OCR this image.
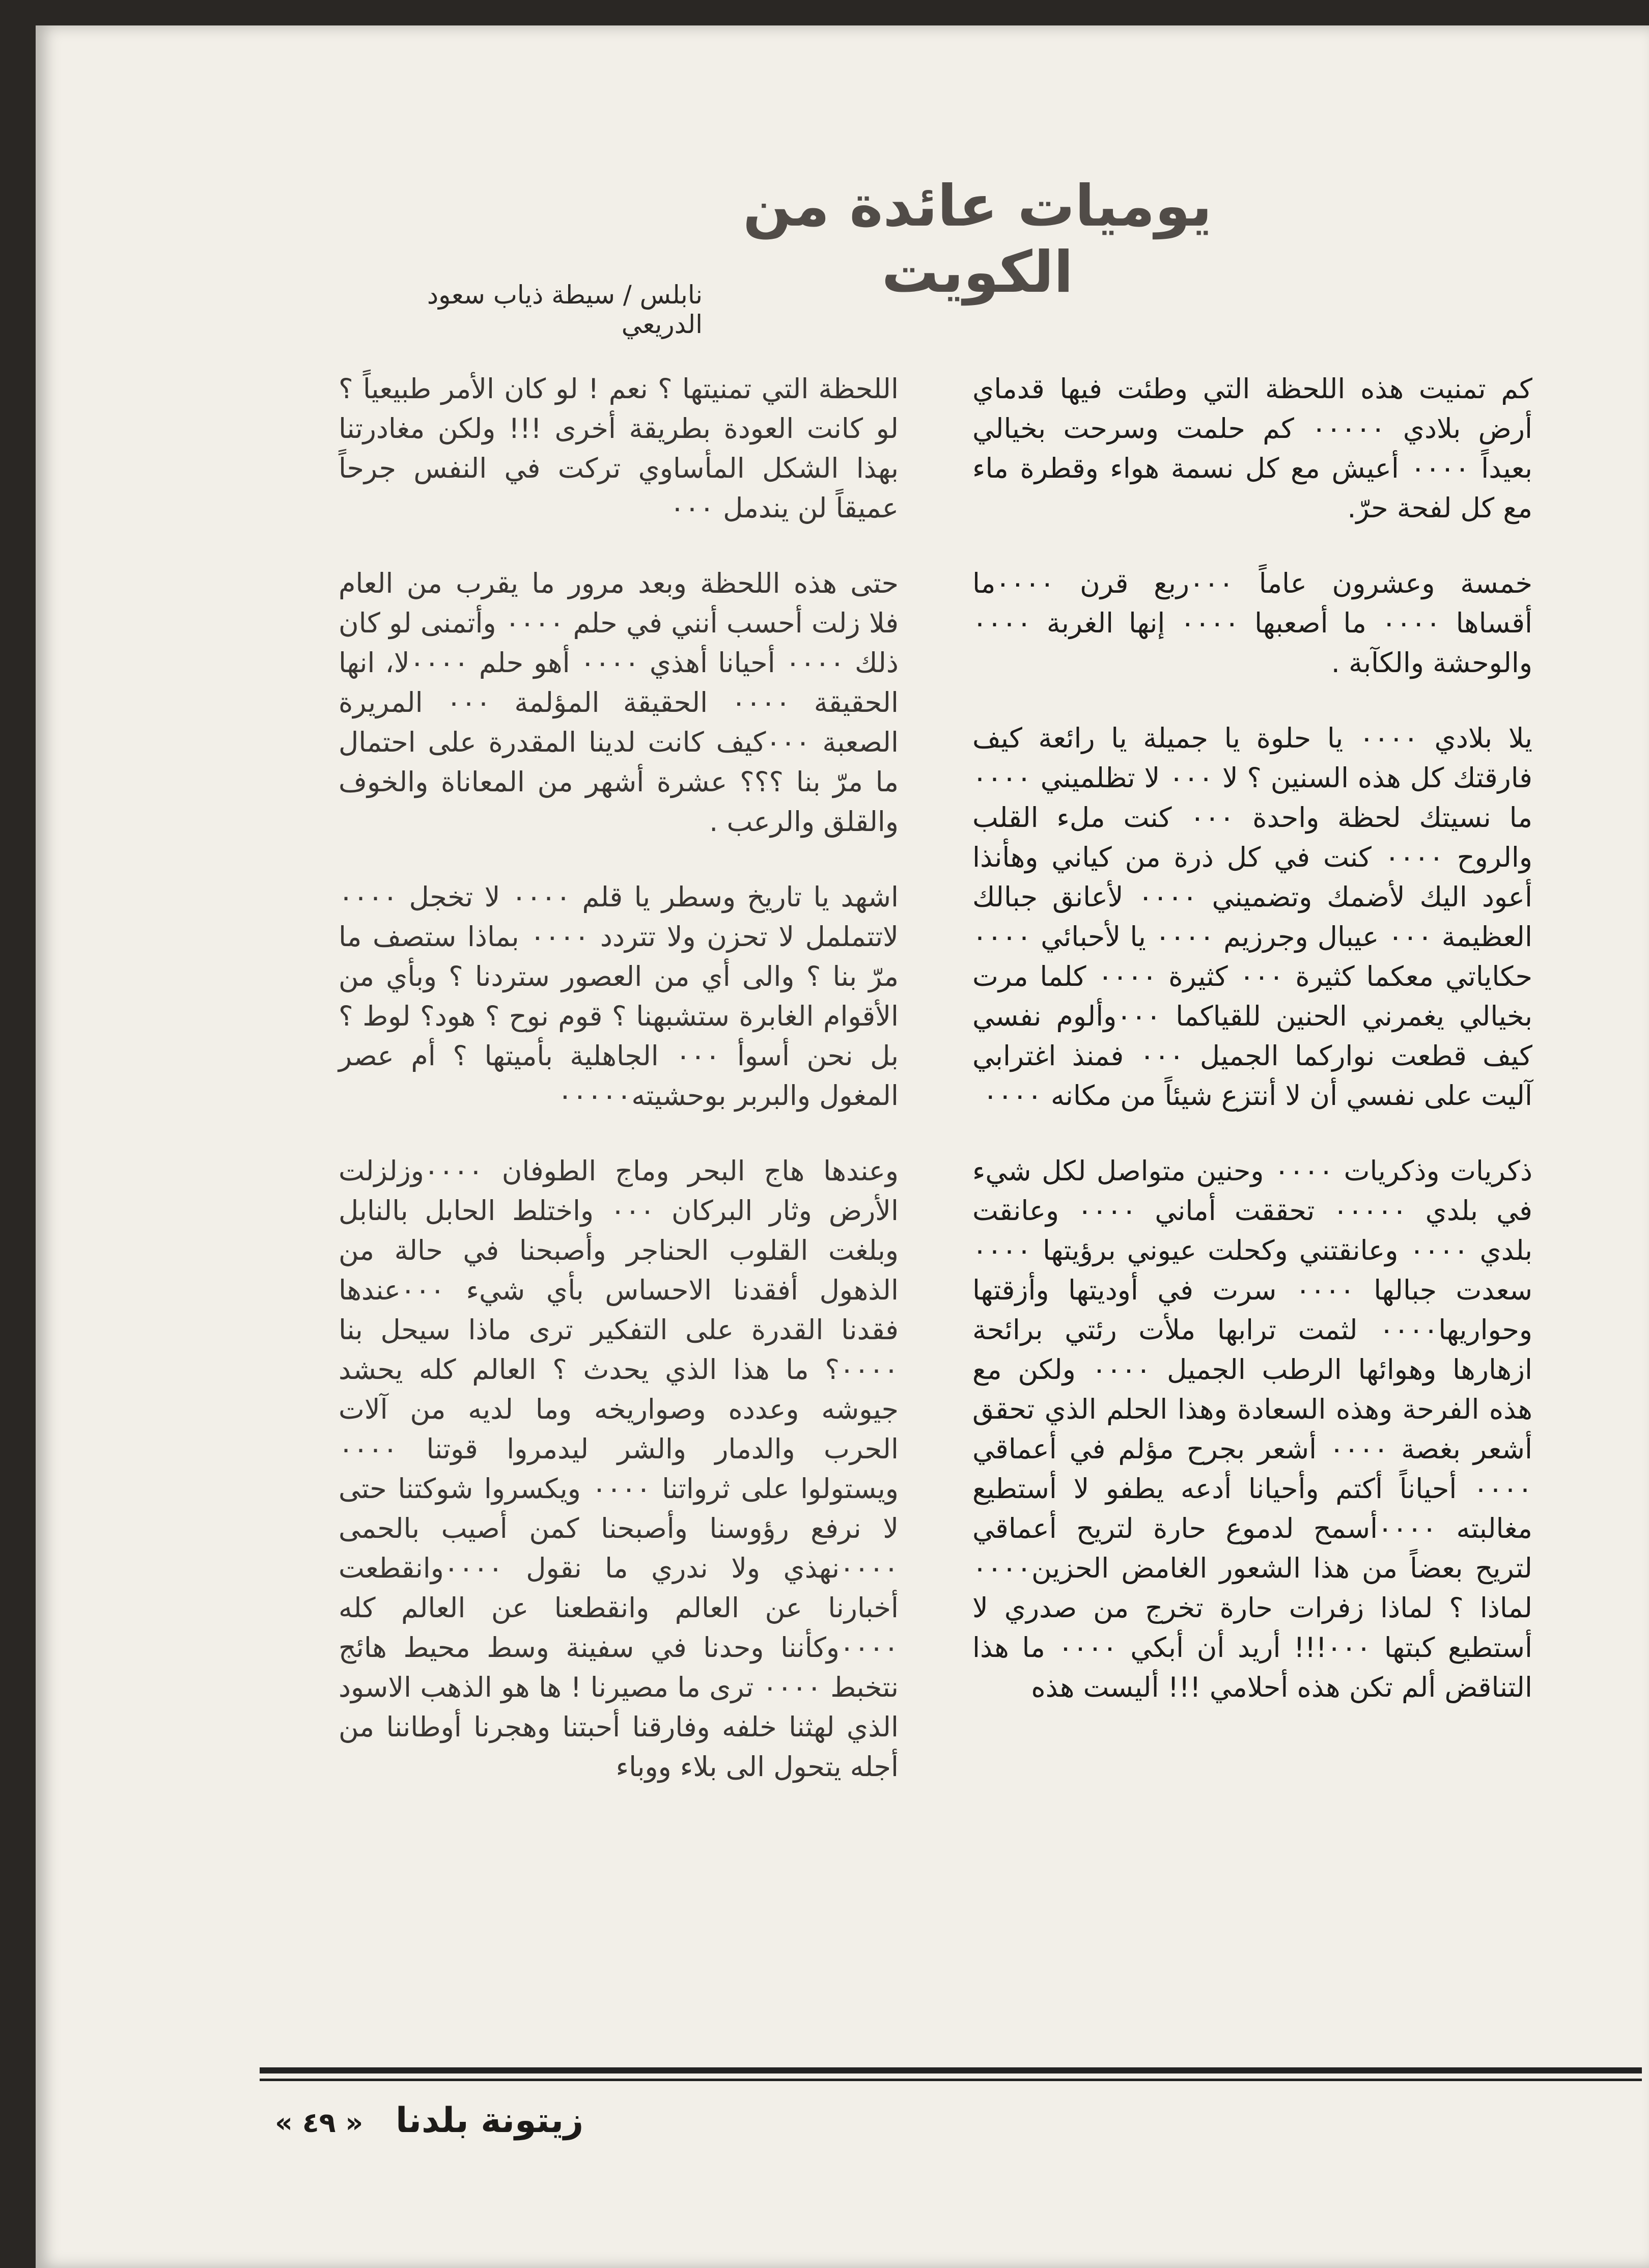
يوميات عائدة من الكويت
نابلس / سيطة ذياب سعود الدريعي

كم تمنيت هذه اللحظة التي وطئت فيها قدماي أرض بلادي ٠٠٠٠٠ كم حلمت وسرحت بخيالي بعيداً ٠٠٠٠ أعيش مع كل نسمة هواء وقطرة ماء مع كل لفحة حرّ.

خمسة وعشرون عاماً ٠٠٠ربع قرن ٠٠٠٠ما أقساها ٠٠٠٠ ما أصعبها ٠٠٠٠ إنها الغربة ٠٠٠٠ والوحشة والكآبة .

يلا بلادي ٠٠٠٠ يا حلوة يا جميلة يا رائعة كيف فارقتك كل هذه السنين ؟ لا ٠٠٠ لا تظلميني ٠٠٠٠ ما نسيتك لحظة واحدة ٠٠٠ كنت ملء القلب والروح ٠٠٠٠ كنت في كل ذرة من كياني وهأنذا أعود اليك لأضمك وتضميني ٠٠٠٠ لأعانق جبالك العظيمة ٠٠٠ عيبال وجرزيم ٠٠٠٠ يا لأحبائي ٠٠٠٠ حكاياتي معكما كثيرة ٠٠٠ كثيرة ٠٠٠٠ كلما مرت بخيالي يغمرني الحنين للقياكما ٠٠٠وألوم نفسي كيف قطعت نواركما الجميل ٠٠٠ فمنذ اغترابي آليت على نفسي أن لا أنتزع شيئاً من مكانه ٠٠٠٠

ذكريات وذكريات ٠٠٠٠ وحنين متواصل لكل شيء في بلدي ٠٠٠٠٠ تحققت أماني ٠٠٠٠ وعانقت بلدي ٠٠٠٠ وعانقتني وكحلت عيوني برؤيتها ٠٠٠٠ سعدت جبالها ٠٠٠٠ سرت في أوديتها وأزقتها وحواريها٠٠٠٠ لثمت ترابها ملأت رئتي برائحة ازهارها وهوائها الرطب الجميل ٠٠٠٠ ولكن مع هذه الفرحة وهذه السعادة وهذا الحلم الذي تحقق أشعر بغصة ٠٠٠٠ أشعر بجرح مؤلم في أعماقي ٠٠٠٠ أحياناً أكتم وأحيانا أدعه يطفو لا أستطيع مغالبته ٠٠٠٠أسمح لدموع حارة لتريح أعماقي لتريح بعضاً من هذا الشعور الغامض الحزين٠٠٠٠ لماذا ؟ لماذا زفرات حارة تخرج من صدري لا أستطيع كبتها ٠٠٠!!! أريد أن أبكي ٠٠٠٠ ما هذا التناقض ألم تكن هذه أحلامي !!! أليست هذه

اللحظة التي تمنيتها ؟ نعم ! لو كان الأمر طبيعياً ؟ لو كانت العودة بطريقة أخرى !!! ولكن مغادرتنا بهذا الشكل المأساوي تركت في النفس جرحاً عميقاً لن يندمل ٠٠٠

حتى هذه اللحظة وبعد مرور ما يقرب من العام فلا زلت أحسب أنني في حلم ٠٠٠٠ وأتمنى لو كان ذلك ٠٠٠٠ أحيانا أهذي ٠٠٠٠ أهو حلم ٠٠٠٠لا، انها الحقيقة ٠٠٠٠ الحقيقة المؤلمة ٠٠٠ المريرة الصعبة ٠٠٠كيف كانت لدينا المقدرة على احتمال ما مرّ بنا ؟؟؟ عشرة أشهر من المعاناة والخوف والقلق والرعب .

اشهد يا تاريخ وسطر يا قلم ٠٠٠٠ لا تخجل ٠٠٠٠ لاتتململ لا تحزن ولا تتردد ٠٠٠٠ بماذا ستصف ما مرّ بنا ؟ والى أي من العصور ستردنا ؟ وبأي من الأقوام الغابرة ستشبهنا ؟ قوم نوح ؟ هود؟ لوط ؟ بل نحن أسوأ ٠٠٠ الجاهلية بأميتها ؟ أم عصر المغول والبربر بوحشيته٠٠٠٠٠

وعندها هاج البحر وماج الطوفان ٠٠٠٠وزلزلت الأرض وثار البركان ٠٠٠ واختلط الحابل بالنابل وبلغت القلوب الحناجر وأصبحنا في حالة من الذهول أفقدنا الاحساس بأي شيء ٠٠٠عندها فقدنا القدرة على التفكير ترى ماذا سيحل بنا ٠٠٠٠؟ ما هذا الذي يحدث ؟ العالم كله يحشد جيوشه وعدده وصواريخه وما لديه من آلات الحرب والدمار والشر ليدمروا قوتنا ٠٠٠٠ ويستولوا على ثرواتنا ٠٠٠٠ ويكسروا شوكتنا حتى لا نرفع رؤوسنا وأصبحنا كمن أصيب بالحمى ٠٠٠٠نهذي ولا ندري ما نقول ٠٠٠٠وانقطعت أخبارنا عن العالم وانقطعنا عن العالم كله ٠٠٠٠وكأننا وحدنا في سفينة وسط محيط هائج نتخبط ٠٠٠٠ ترى ما مصيرنا ! ها هو الذهب الاسود الذي لهثنا خلفه وفارقنا أحبتنا وهجرنا أوطاننا من أجله يتحول الى بلاء ووباء

زيتونة بلدنا « ٤٩ »
